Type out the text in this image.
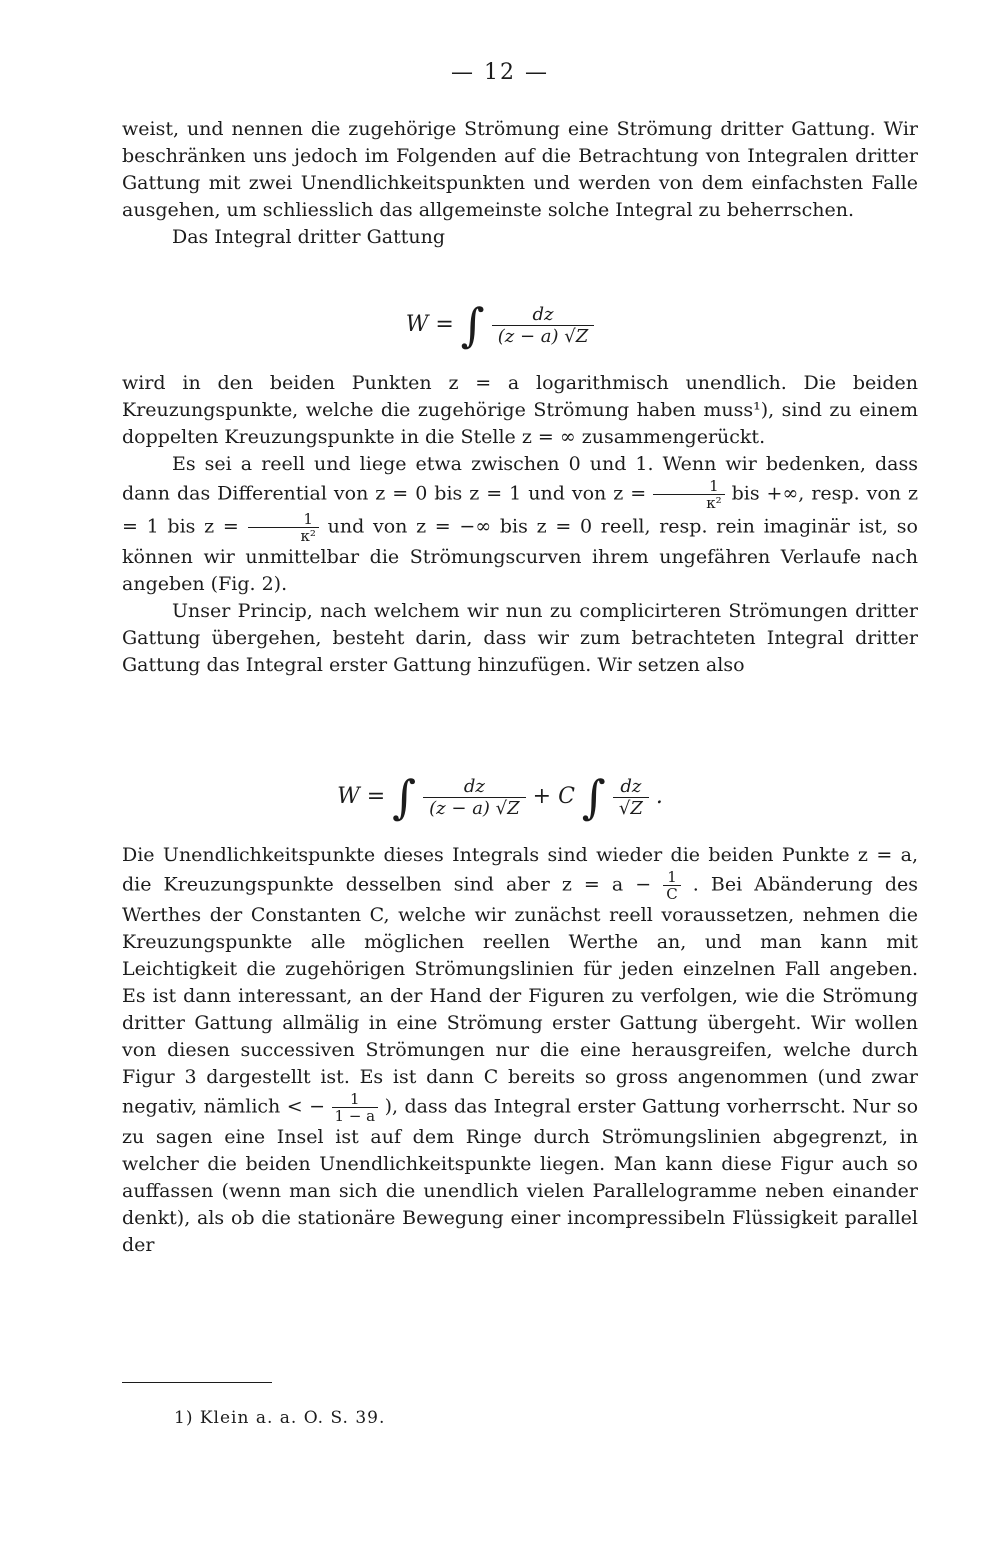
— 12 —

weist, und nennen die zugehörige Strömung eine Strömung dritter Gattung. Wir beschränken uns jedoch im Folgenden auf die Betrachtung von Integralen dritter Gattung mit zwei Unendlichkeitspunkten und werden von dem einfachsten Falle ausgehen, um schliesslich das allgemeinste solche Integral zu beherrschen.

Das Integral dritter Gattung

W = ∫ $\frac{dz}{(z - a) √Z}$

wird in den beiden Punkten z = a logarithmisch unendlich. Die beiden Kreuzungspunkte, welche die zugehörige Strömung haben muss¹), sind zu einem doppelten Kreuzungspunkte in die Stelle z = ∞ zusammengerückt.

Es sei a reell und liege etwa zwischen 0 und 1. Wenn wir bedenken, dass dann das Differential von z = 0 bis z = 1 und von $z = \frac{1}{\text{κ²}}$ bis +∞, resp. von z = 1 bis $z = \frac{1}{\text{κ²}}$ und von z = −∞ bis z = 0 reell, resp. rein imaginär ist, so können wir unmittelbar die Strömungscurven ihrem ungefähren Verlaufe nach angeben (Fig. 2).

Unser Princip, nach welchem wir nun zu complicirteren Strömungen dritter Gattung übergehen, besteht darin, dass wir zum betrachteten Integral dritter Gattung das Integral erster Gattung hinzufügen. Wir setzen also

W = ∫ $\frac{dz}{(z - a) √Z} + C$ ∫ $\frac{dz}{√Z}$ .

Die Unendlichkeitspunkte dieses Integrals sind wieder die beiden Punkte z = a, die Kreuzungspunkte desselben sind aber $z = a - \frac{1}{C}$ . Bei Abänderung des Werthes der Constanten C, welche wir zunächst reell voraussetzen, nehmen die Kreuzungspunkte alle möglichen reellen Werthe an, und man kann mit Leichtigkeit die zugehörigen Strömungslinien für jeden einzelnen Fall angeben. Es ist dann interessant, an der Hand der Figuren zu verfolgen, wie die Strömung dritter Gattung allmälig in eine Strömung erster Gattung übergeht. Wir wollen von diesen successiven Strömungen nur die eine herausgreifen, welche durch Figur 3 dargestellt ist. Es ist dann C bereits so gross angenommen (und zwar negativ, nämlich < − $\frac{1}{1 - a}$ ), dass das Integral erster Gattung vorherrscht. Nur so zu sagen eine Insel ist auf dem Ringe durch Strömungslinien abgegrenzt, in welcher die beiden Unendlichkeitspunkte liegen. Man kann diese Figur auch so auffassen (wenn man sich die unendlich vielen Parallelogramme neben einander denkt), als ob die stationäre Bewegung einer incompressibeln Flüssigkeit parallel der

1) Klein a. a. O. S. 39.
